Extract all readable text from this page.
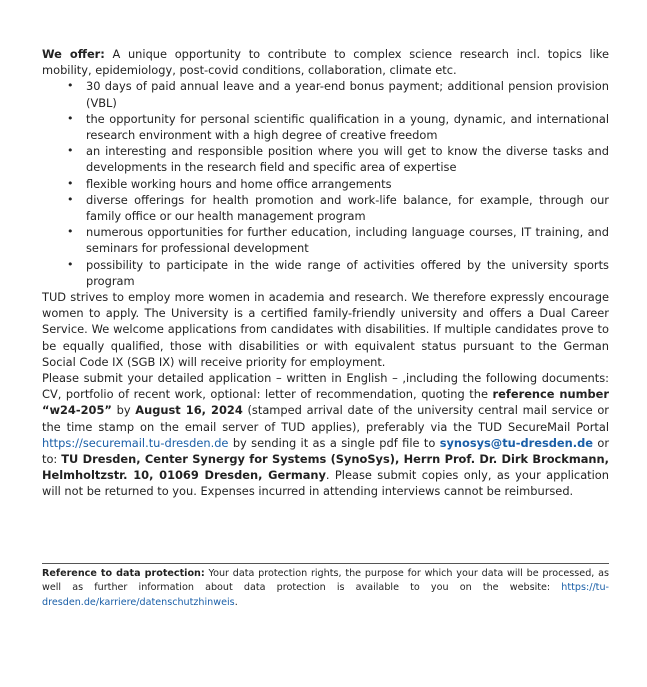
We offer: A unique opportunity to contribute to complex science research incl. topics like mobility, epidemiology, post-covid conditions, collaboration, climate etc.

• 30 days of paid annual leave and a year-end bonus payment; additional pension provision (VBL)
• the opportunity for personal scientific qualification in a young, dynamic, and international research environment with a high degree of creative freedom
• an interesting and responsible position where you will get to know the diverse tasks and developments in the research field and specific area of expertise
• flexible working hours and home office arrangements
• diverse offerings for health promotion and work-life balance, for example, through our family office or our health management program
• numerous opportunities for further education, including language courses, IT training, and seminars for professional development
• possibility to participate in the wide range of activities offered by the university sports program

TUD strives to employ more women in academia and research. We therefore expressly encourage women to apply. The University is a certified family-friendly university and offers a Dual Career Service. We welcome applications from candidates with disabilities. If multiple candidates prove to be equally qualified, those with disabilities or with equivalent status pursuant to the German Social Code IX (SGB IX) will receive priority for employment.

Please submit your detailed application – written in English – ,including the following documents: CV, portfolio of recent work, optional: letter of recommendation, quoting the reference number “w24-205” by August 16, 2024 (stamped arrival date of the university central mail service or the time stamp on the email server of TUD applies), preferably via the TUD SecureMail Portal https://securemail.tu-dresden.de by sending it as a single pdf file to synosys@tu-dresden.de or to: TU Dresden, Center Synergy for Systems (SynoSys), Herrn Prof. Dr. Dirk Brockmann, Helmholtzstr. 10, 01069 Dresden, Germany. Please submit copies only, as your application will not be returned to you. Expenses incurred in attending interviews cannot be reimbursed.

Reference to data protection: Your data protection rights, the purpose for which your data will be processed, as well as further information about data protection is available to you on the website: https://tu-dresden.de/karriere/datenschutzhinweis.
